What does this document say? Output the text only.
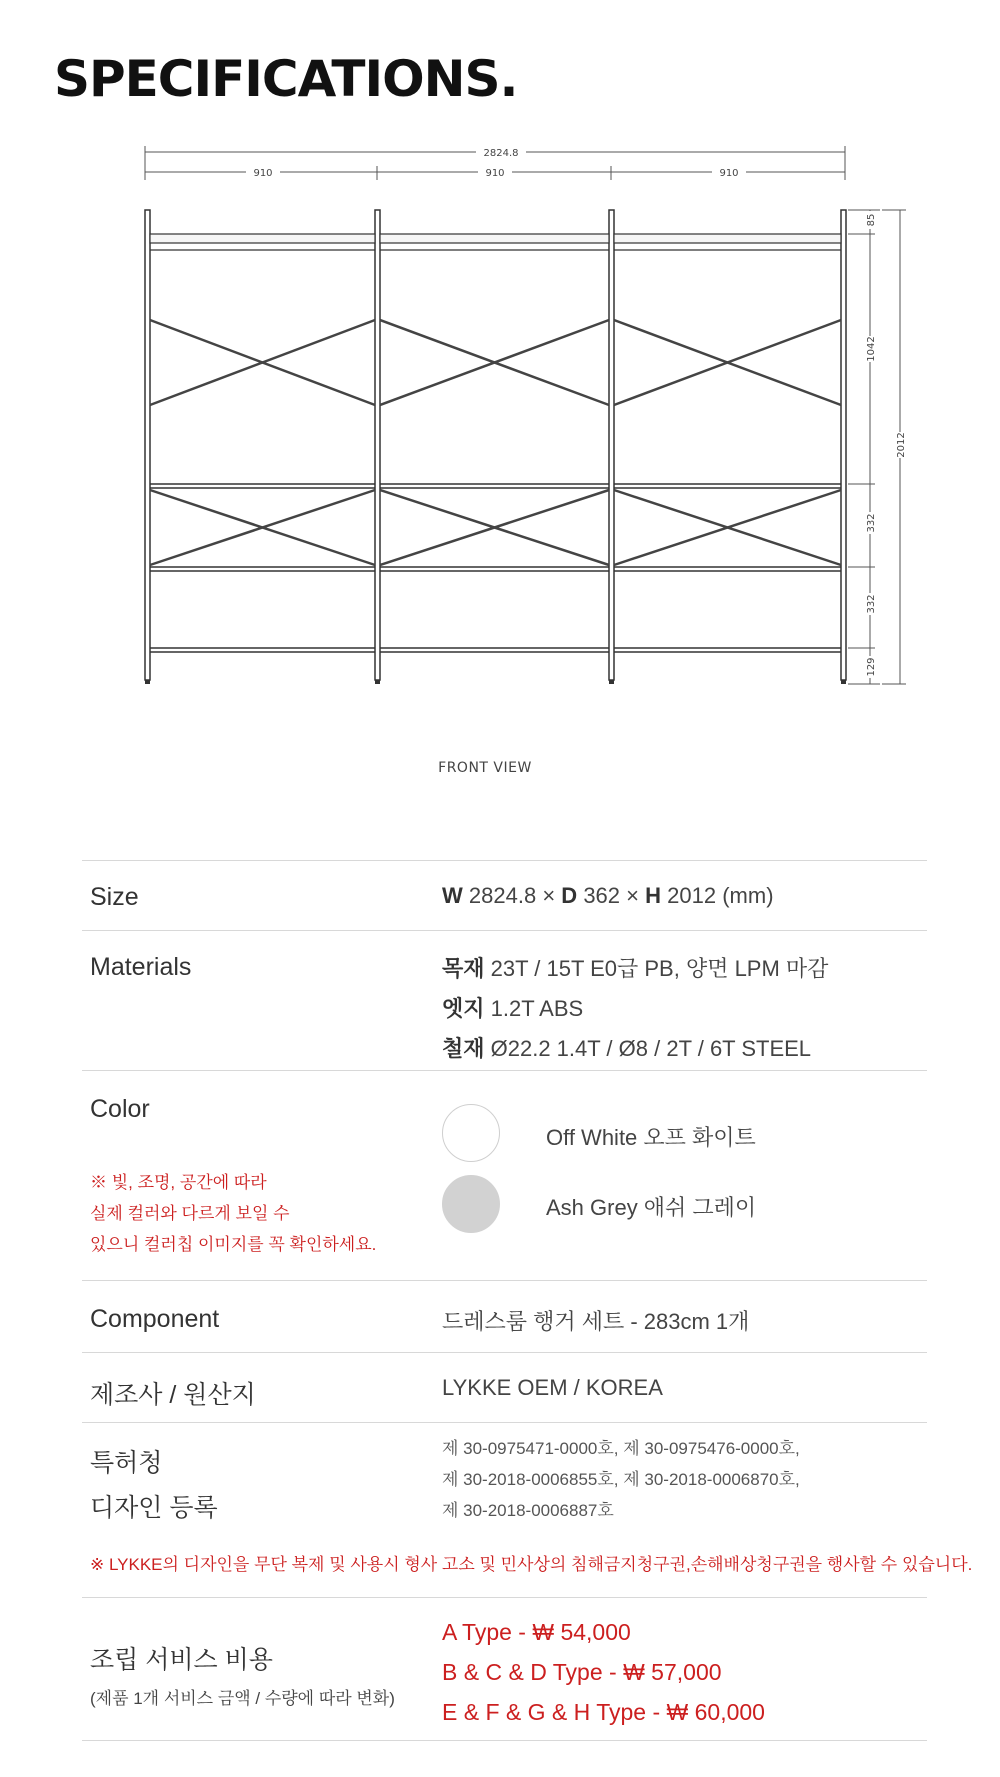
SPECIFICATIONS.
2824.8
910	910	910
85
1042
332
332
129
2012
FRONT VIEW
Size	W 2824.8 × D 362 × H 2012 (mm)
Materials	목재 23T / 15T E0급 PB, 양면 LPM 마감
엣지 1.2T ABS
철재 Ø22.2 1.4T / Ø8 / 2T / 6T STEEL
Color
※ 빛, 조명, 공간에 따라
실제 컬러와 다르게 보일 수
있으니 컬러칩 이미지를 꼭 확인하세요.
Off White 오프 화이트
Ash Grey 애쉬 그레이
Component	드레스룸 행거 세트 - 283cm 1개
제조사 / 원산지	LYKKE OEM / KOREA
특허청
디자인 등록
제 30-0975471-0000호, 제 30-0975476-0000호,
제 30-2018-0006855호, 제 30-2018-0006870호,
제 30-2018-0006887호
※ LYKKE의 디자인을 무단 복제 및 사용시 형사 고소 및 민사상의 침해금지청구권,손해배상청구권을 행사할 수 있습니다.
조립 서비스 비용
(제품 1개 서비스 금액 / 수량에 따라 변화)
A Type - ₩ 54,000
B & C & D Type - ₩ 57,000
E & F & G & H Type - ₩ 60,000
